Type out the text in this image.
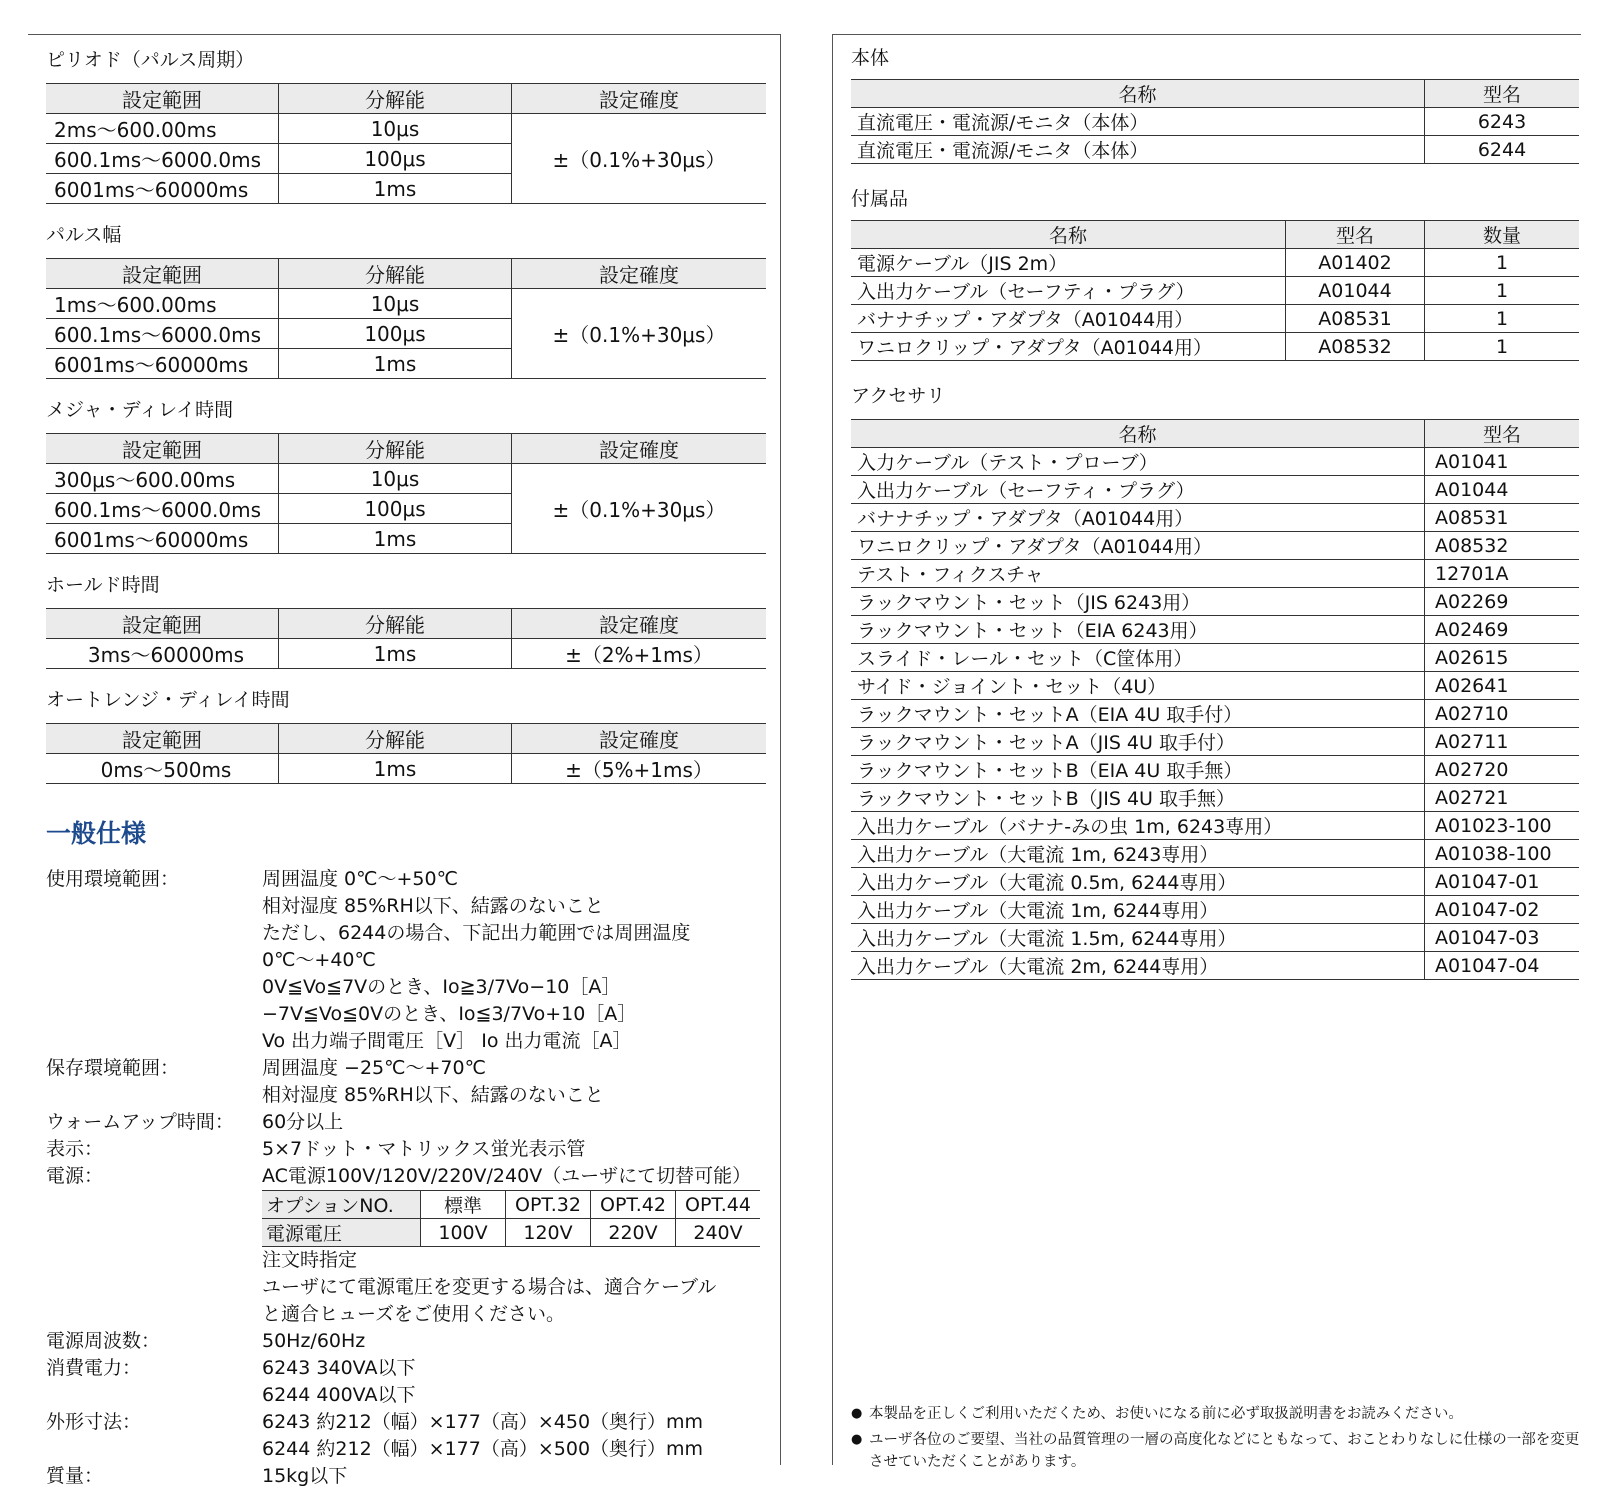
ピリオド（パルス周期）

設定範囲	分解能	設定確度
2ms〜600.00ms	10μs	±（0.1%+30μs）
600.1ms〜6000.0ms	100μs	
6001ms〜60000ms	1ms	

パルス幅

設定範囲	分解能	設定確度
1ms〜600.00ms	10μs	±（0.1%+30μs）
600.1ms〜6000.0ms	100μs	
6001ms〜60000ms	1ms	

メジャ・ディレイ時間

設定範囲	分解能	設定確度
300μs〜600.00ms	10μs	±（0.1%+30μs）
600.1ms〜6000.0ms	100μs	
6001ms〜60000ms	1ms	

ホールド時間

設定範囲	分解能	設定確度
3ms〜60000ms	1ms	±（2%+1ms）

オートレンジ・ディレイ時間

設定範囲	分解能	設定確度
0ms〜500ms	1ms	±（5%+1ms）

一般仕様

使用環境範囲：	周囲温度 0℃〜+50℃
相対湿度 85%RH以下、結露のないこと
ただし、6244の場合、下記出力範囲では周囲温度
0℃〜+40℃
0V≦Vo≦7Vのとき、Io≧3/7Vo−10［A］
−7V≦Vo≦0Vのとき、Io≦3/7Vo+10［A］
Vo 出力端子間電圧［V］ Io 出力電流［A］
保存環境範囲：	周囲温度 −25℃〜+70℃
相対湿度 85%RH以下、結露のないこと
ウォームアップ時間：	60分以上
表示：	5×7ドット・マトリックス蛍光表示管
電源：	AC電源100V/120V/220V/240V（ユーザにて切替可能）
オプションNO.	標準	OPT.32	OPT.42	OPT.44
電源電圧	100V	120V	220V	240V
注文時指定
ユーザにて電源電圧を変更する場合は、適合ケーブル
と適合ヒューズをご使用ください。
電源周波数：	50Hz/60Hz
消費電力：	6243 340VA以下
6244 400VA以下
外形寸法：	6243 約212（幅）×177（高）×450（奥行）mm
6244 約212（幅）×177（高）×500（奥行）mm
質量：	15kg以下

本体

名称	型名
直流電圧・電流源/モニタ（本体）	6243
直流電圧・電流源/モニタ（本体）	6244

付属品

名称	型名	数量
電源ケーブル（JIS 2m）	A01402	1
入出力ケーブル（セーフティ・プラグ）	A01044	1
バナナチップ・アダプタ（A01044用）	A08531	1
ワニロクリップ・アダプタ（A01044用）	A08532	1

アクセサリ

名称	型名
入力ケーブル（テスト・プローブ）	A01041
入出力ケーブル（セーフティ・プラグ）	A01044
バナナチップ・アダプタ（A01044用）	A08531
ワニロクリップ・アダプタ（A01044用）	A08532
テスト・フィクスチャ	12701A
ラックマウント・セット（JIS 6243用）	A02269
ラックマウント・セット（EIA 6243用）	A02469
スライド・レール・セット（C筐体用）	A02615
サイド・ジョイント・セット（4U）	A02641
ラックマウント・セットA（EIA 4U 取手付）	A02710
ラックマウント・セットA（JIS 4U 取手付）	A02711
ラックマウント・セットB（EIA 4U 取手無）	A02720
ラックマウント・セットB（JIS 4U 取手無）	A02721
入出力ケーブル（バナナ-みの虫 1m, 6243専用）	A01023-100
入出力ケーブル（大電流 1m, 6243専用）	A01038-100
入出力ケーブル（大電流 0.5m, 6244専用）	A01047-01
入出力ケーブル（大電流 1m, 6244専用）	A01047-02
入出力ケーブル（大電流 1.5m, 6244専用）	A01047-03
入出力ケーブル（大電流 2m, 6244専用）	A01047-04
● 本製品を正しくご利用いただくため、お使いになる前に必ず取扱説明書をお読みください。
● ユーザ各位のご要望、当社の品質管理の一層の高度化などにともなって、おことわりなしに仕様の一部を変更させていただくことがあります。
